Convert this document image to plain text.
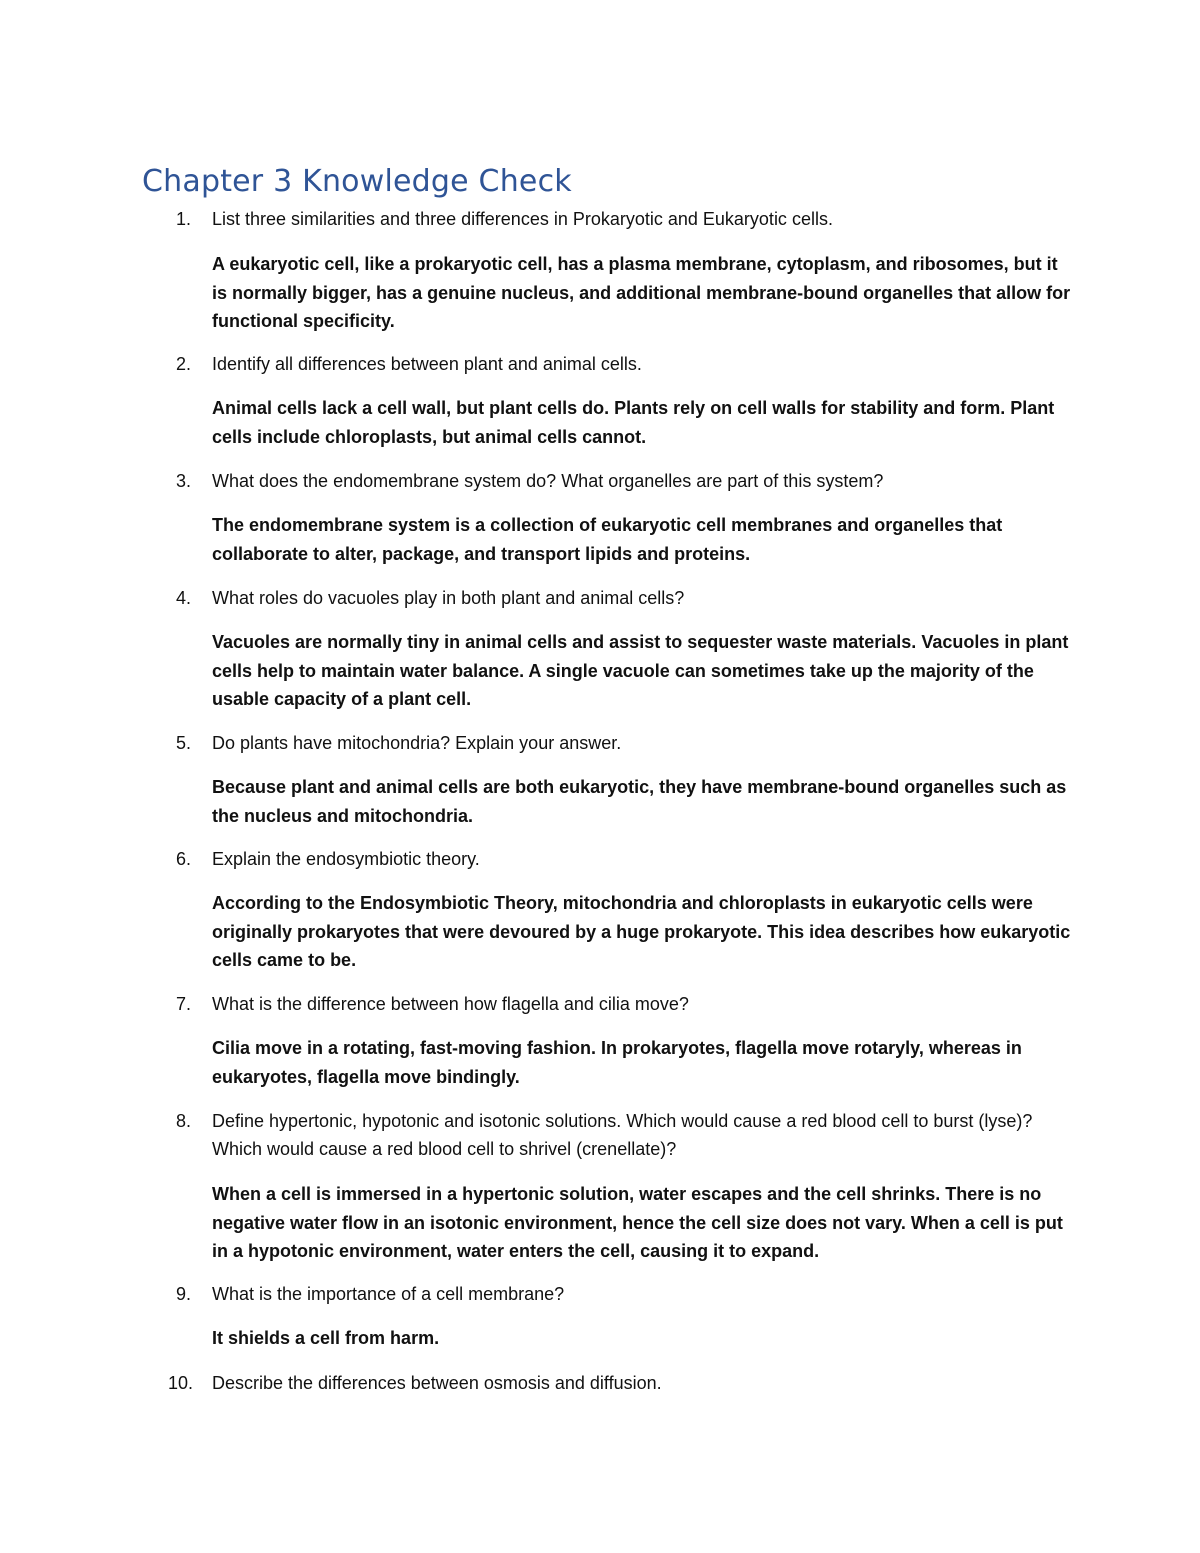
Chapter 3 Knowledge Check
1.	List three similarities and three differences in Prokaryotic and Eukaryotic cells.

A eukaryotic cell, like a prokaryotic cell, has a plasma membrane, cytoplasm, and ribosomes, but it is normally bigger, has a genuine nucleus, and additional membrane-bound organelles that allow for functional specificity.

2.	Identify all differences between plant and animal cells.

Animal cells lack a cell wall, but plant cells do. Plants rely on cell walls for stability and form. Plant cells include chloroplasts, but animal cells cannot.

3.	What does the endomembrane system do? What organelles are part of this system?

The endomembrane system is a collection of eukaryotic cell membranes and organelles that collaborate to alter, package, and transport lipids and proteins.

4.	What roles do vacuoles play in both plant and animal cells?

Vacuoles are normally tiny in animal cells and assist to sequester waste materials. Vacuoles in plant cells help to maintain water balance. A single vacuole can sometimes take up the majority of the usable capacity of a plant cell.

5.	Do plants have mitochondria? Explain your answer.

Because plant and animal cells are both eukaryotic, they have membrane-bound organelles such as the nucleus and mitochondria.

6.	Explain the endosymbiotic theory.

According to the Endosymbiotic Theory, mitochondria and chloroplasts in eukaryotic cells were originally prokaryotes that were devoured by a huge prokaryote. This idea describes how eukaryotic cells came to be.

7.	What is the difference between how flagella and cilia move?

Cilia move in a rotating, fast-moving fashion. In prokaryotes, flagella move rotaryly, whereas in eukaryotes, flagella move bindingly.

8.	Define hypertonic, hypotonic and isotonic solutions. Which would cause a red blood cell to burst (lyse)? Which would cause a red blood cell to shrivel (crenellate)?

When a cell is immersed in a hypertonic solution, water escapes and the cell shrinks. There is no negative water flow in an isotonic environment, hence the cell size does not vary. When a cell is put in a hypotonic environment, water enters the cell, causing it to expand.

9.	What is the importance of a cell membrane?

It shields a cell from harm.

10.	Describe the differences between osmosis and diffusion.
